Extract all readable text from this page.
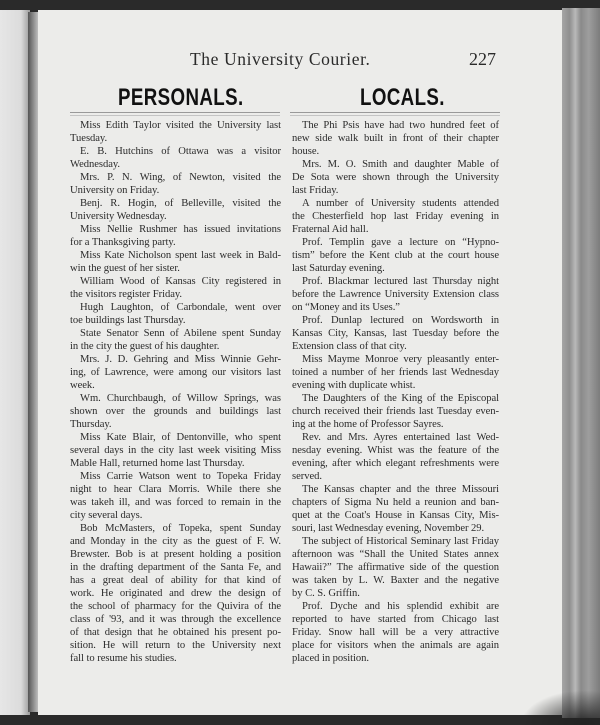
The University Courier.	227
PERSONALS.	LOCALS.
Miss Edith Taylor visited the University last
Tuesday.
E. B. Hutchins of Ottawa was a visitor
Wednesday.
Mrs. P. N. Wing, of Newton, visited the
University on Friday.
Benj. R. Hogin, of Belleville, visited the
University Wednesday.
Miss Nellie Rushmer has issued invitations
for a Thanksgiving party.
Miss Kate Nicholson spent last week in Bald-
win the guest of her sister.
William Wood of Kansas City registered in
the visitors register Friday.
Hugh Laughton, of Carbondale, went over
toe buildings last Thursday.
State Senator Senn of Abilene spent Sunday
in the city the guest of his daughter.
Mrs. J. D. Gehring and Miss Winnie Gehr-
ing, of Lawrence, were among our visitors last
week.
Wm. Churchbaugh, of Willow Springs, was
shown over the grounds and buildings last
Thursday.
Miss Kate Blair, of Dentonville, who spent
several days in the city last week visiting Miss
Mable Hall, returned home last Thursday.
Miss Carrie Watson went to Topeka Friday
night to hear Clara Morris. While there she
was takeh ill, and was forced to remain in the
city several days.
Bob McMasters, of Topeka, spent Sunday
and Monday in the city as the guest of F. W.
Brewster. Bob is at present holding a position
in the drafting department of the Santa Fe, and
has a great deal of ability for that kind of
work. He originated and drew the design of
the school of pharmacy for the Quivira of the
class of '93, and it was through the excellence
of that design that he obtained his present po-
sition. He will return to the University next
fall to resume his studies.
The Phi Psis have had two hundred feet of
new side walk built in front of their chapter
house.
Mrs. M. O. Smith and daughter Mable of
De Sota were shown through the University
last Friday.
A number of University students attended
the Chesterfield hop last Friday evening in
Fraternal Aid hall.
Prof. Templin gave a lecture on “Hypno-
tism” before the Kent club at the court house
last Saturday evening.
Prof. Blackmar lectured last Thursday night
before the Lawrence University Extension class
on “Money and its Uses.”
Prof. Dunlap lectured on Wordsworth in
Kansas City, Kansas, last Tuesday before the
Extension class of that city.
Miss Mayme Monroe very pleasantly enter-
toined a number of her friends last Wednesday
evening with duplicate whist.
The Daughters of the King of the Episcopal
church received their friends last Tuesday even-
ing at the home of Professor Sayres.
Rev. and Mrs. Ayres entertained last Wed-
nesday evening. Whist was the feature of the
evening, after which elegant refreshments were
served.
The Kansas chapter and the three Missouri
chapters of Sigma Nu held a reunion and ban-
quet at the Coat's House in Kansas City, Mis-
souri, last Wednesday evening, November 29.
The subject of Historical Seminary last Friday
afternoon was “Shall the United States annex
Hawaii?” The affirmative side of the question
was taken by L. W. Baxter and the negative
by C. S. Griffin.
Prof. Dyche and his splendid exhibit are
reported to have started from Chicago last
Friday. Snow hall will be a very attractive
place for visitors when the animals are again
placed in position.
